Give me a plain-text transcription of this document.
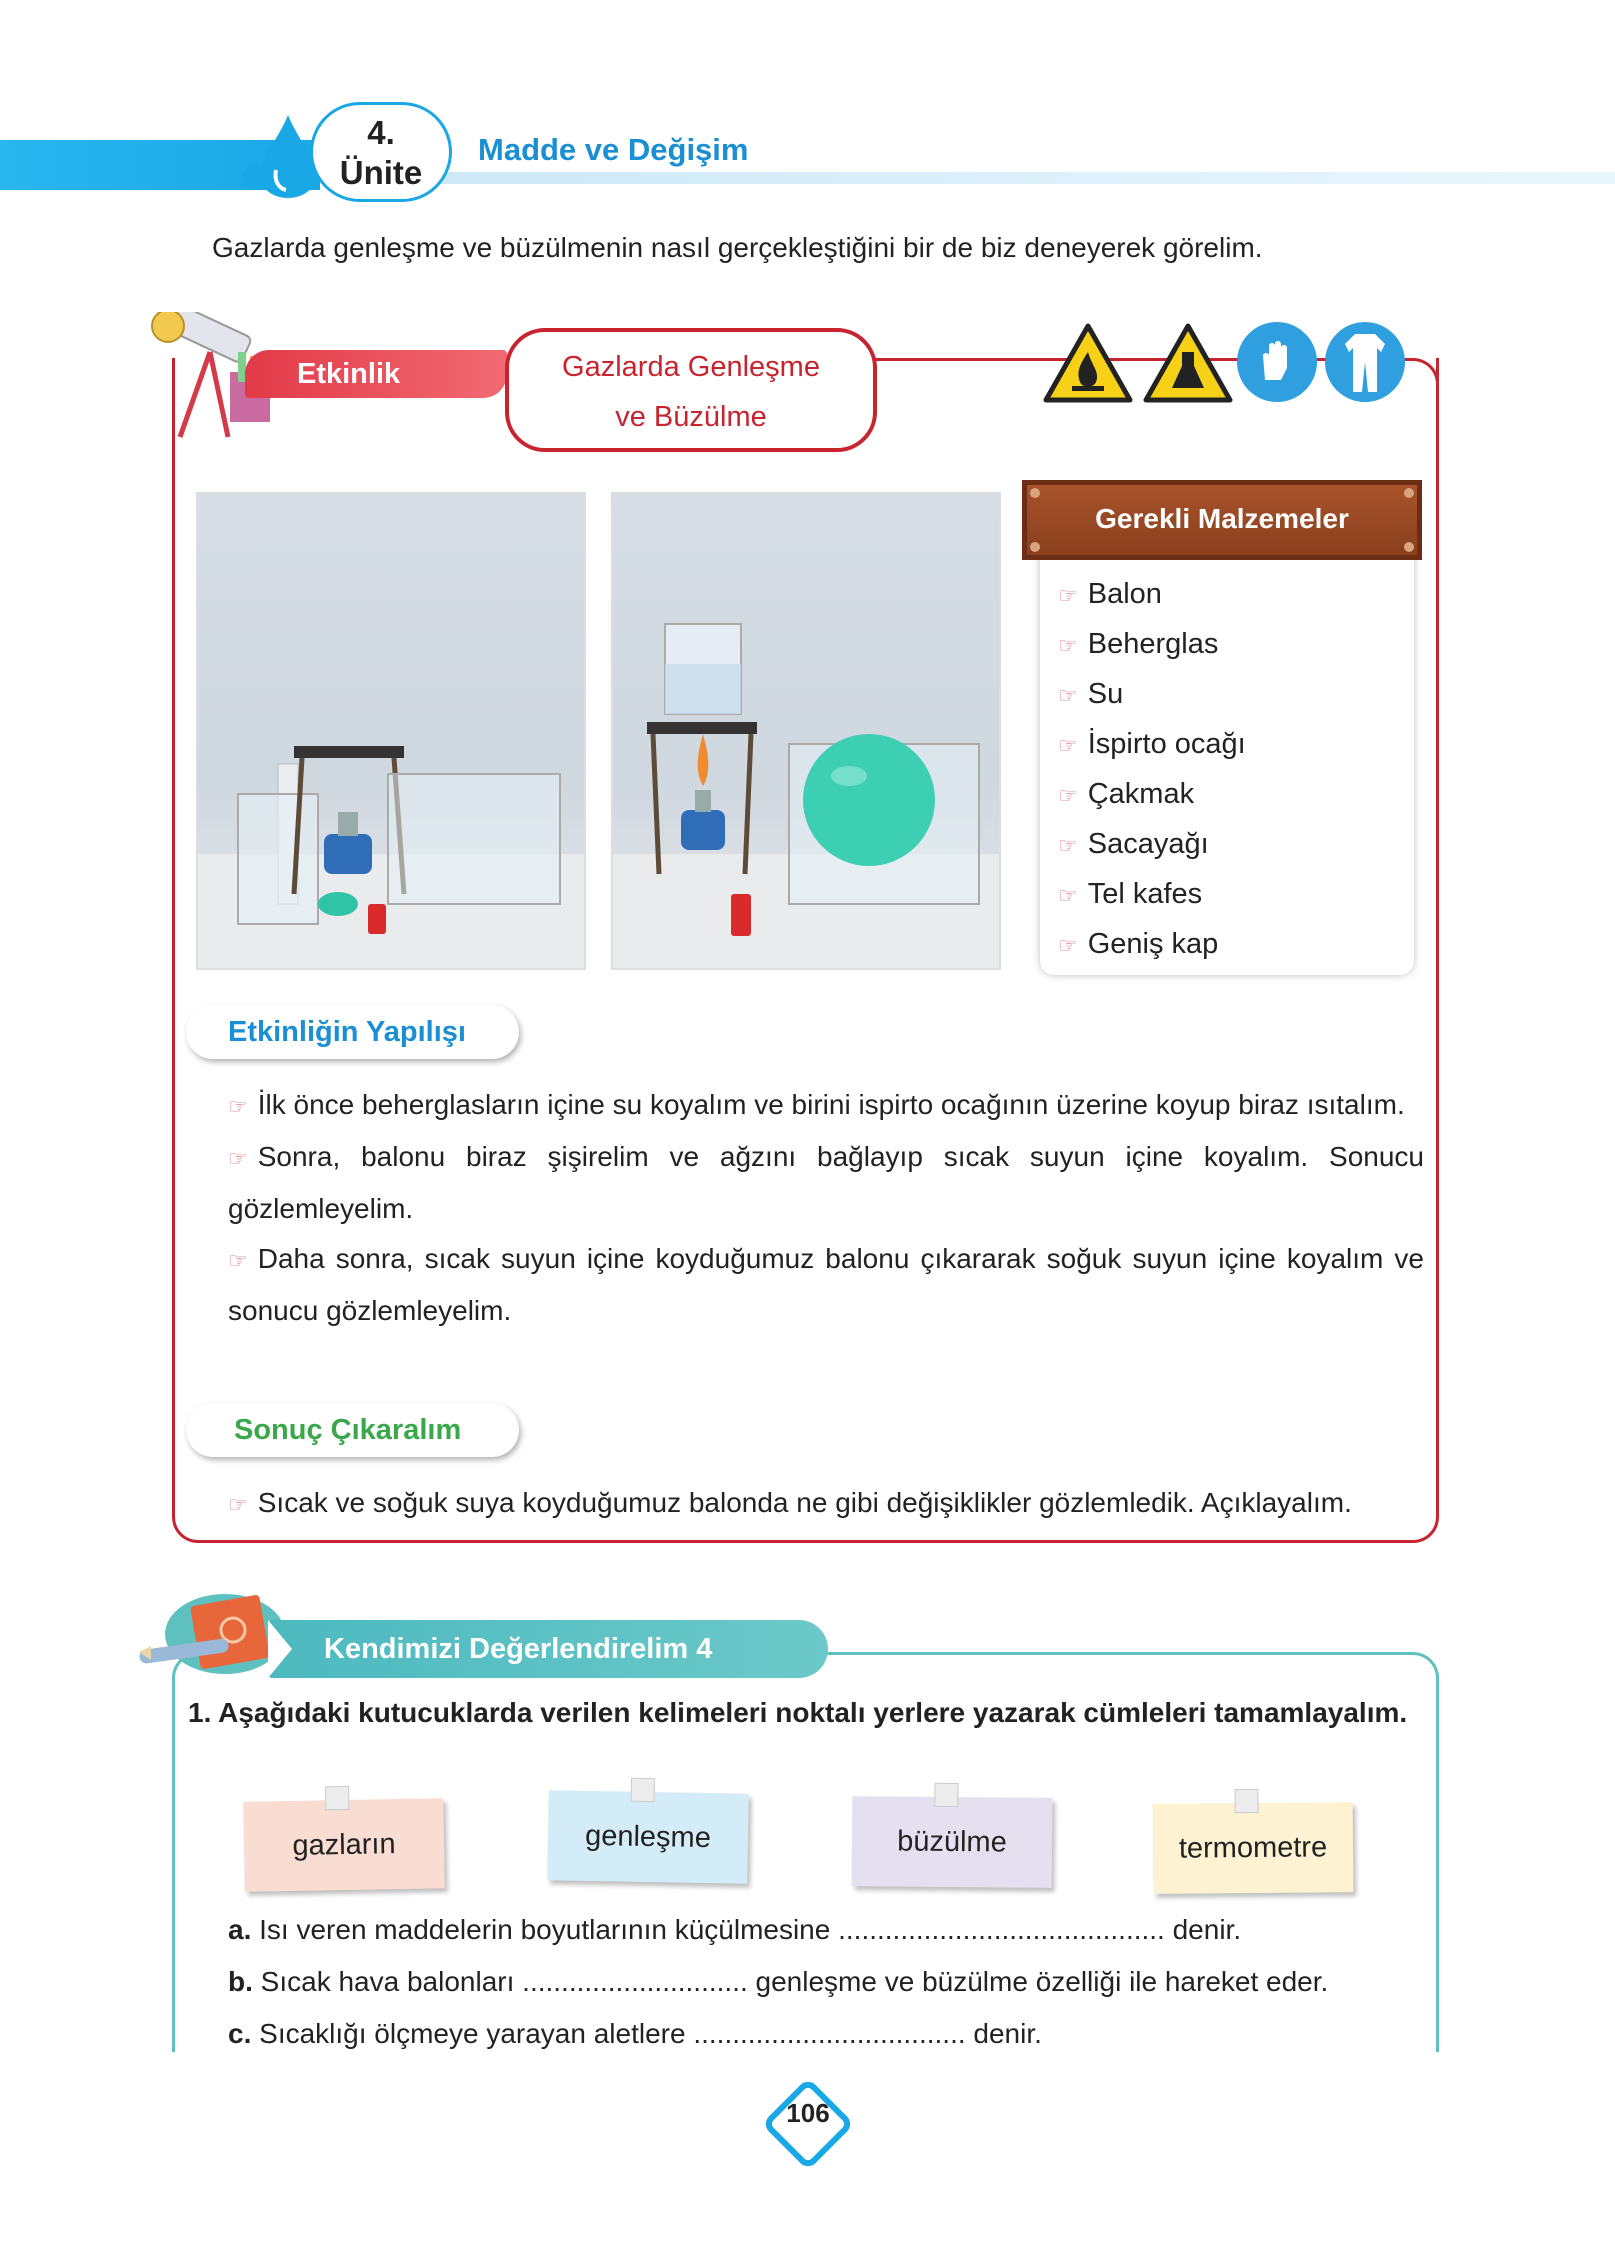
4.
Ünite
Madde ve Değişim
Gazlarda genleşme ve büzülmenin nasıl gerçekleştiğini bir de biz deneyerek görelim.
Etkinlik	Gazlarda Genleşme
ve Büzülme
Gerekli Malzemeler
☞ Balon
☞ Beherglas
☞ Su
☞ İspirto ocağı
☞ Çakmak
☞ Sacayağı
☞ Tel kafes
☞ Geniş kap
Etkinliğin Yapılışı
☞ İlk önce beherglasların içine su koyalım ve birini ispirto ocağının üzerine koyup biraz ısıtalım.
☞ Sonra, balonu biraz şişirelim ve ağzını bağlayıp sıcak suyun içine koyalım. Sonucu gözlemleyelim.
☞ Daha sonra, sıcak suyun içine koyduğumuz balonu çıkararak soğuk suyun içine koyalım ve sonucu gözlemleyelim.
Sonuç Çıkaralım
☞ Sıcak ve soğuk suya koyduğumuz balonda ne gibi değişiklikler gözlemledik. Açıklayalım.
Kendimizi Değerlendirelim 4
1. Aşağıdaki kutucuklarda verilen kelimeleri noktalı yerlere yazarak cümleleri tamamlayalım.
gazların	genleşme	büzülme	termometre
a. Isı veren maddelerin boyutlarının küçülmesine .......................................... denir.
b. Sıcak hava balonları ............................. genleşme ve büzülme özelliği ile hareket eder.
c. Sıcaklığı ölçmeye yarayan aletlere ................................... denir.
106
